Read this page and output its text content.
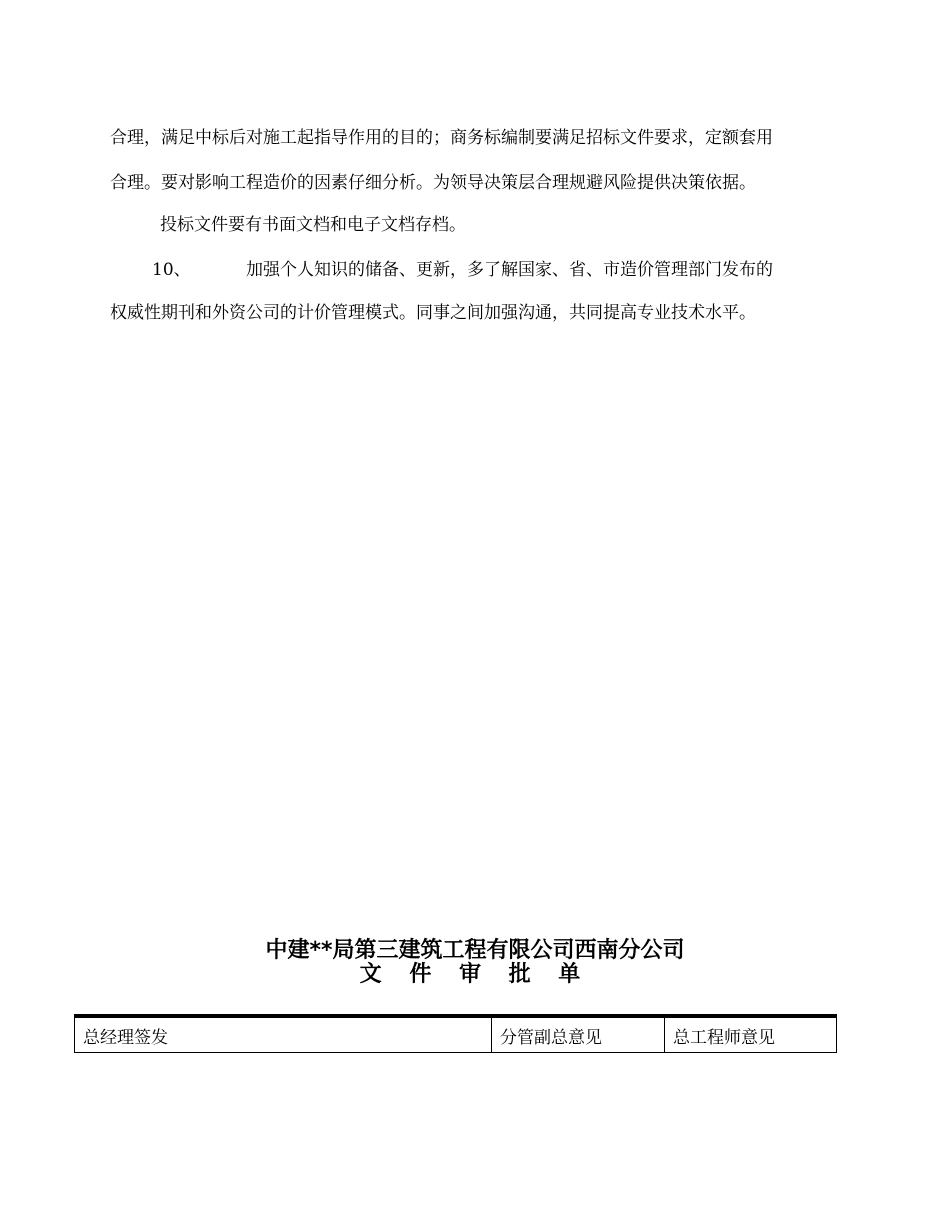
合理，满足中标后对施工起指导作用的目的；商务标编制要满足招标文件要求，定额套用

合理。要对影响工程造价的因素仔细分析。为领导决策层合理规避风险提供决策依据。

投标文件要有书面文档和电子文档存档。

10、	加强个人知识的储备、更新，多了解国家、省、市造价管理部门发布的

权威性期刊和外资公司的计价管理模式。同事之间加强沟通，共同提高专业技术水平。

中建**局第三建筑工程有限公司西南分公司

文 件 审 批 单

总经理签发	分管副总意见	总工程师意见
